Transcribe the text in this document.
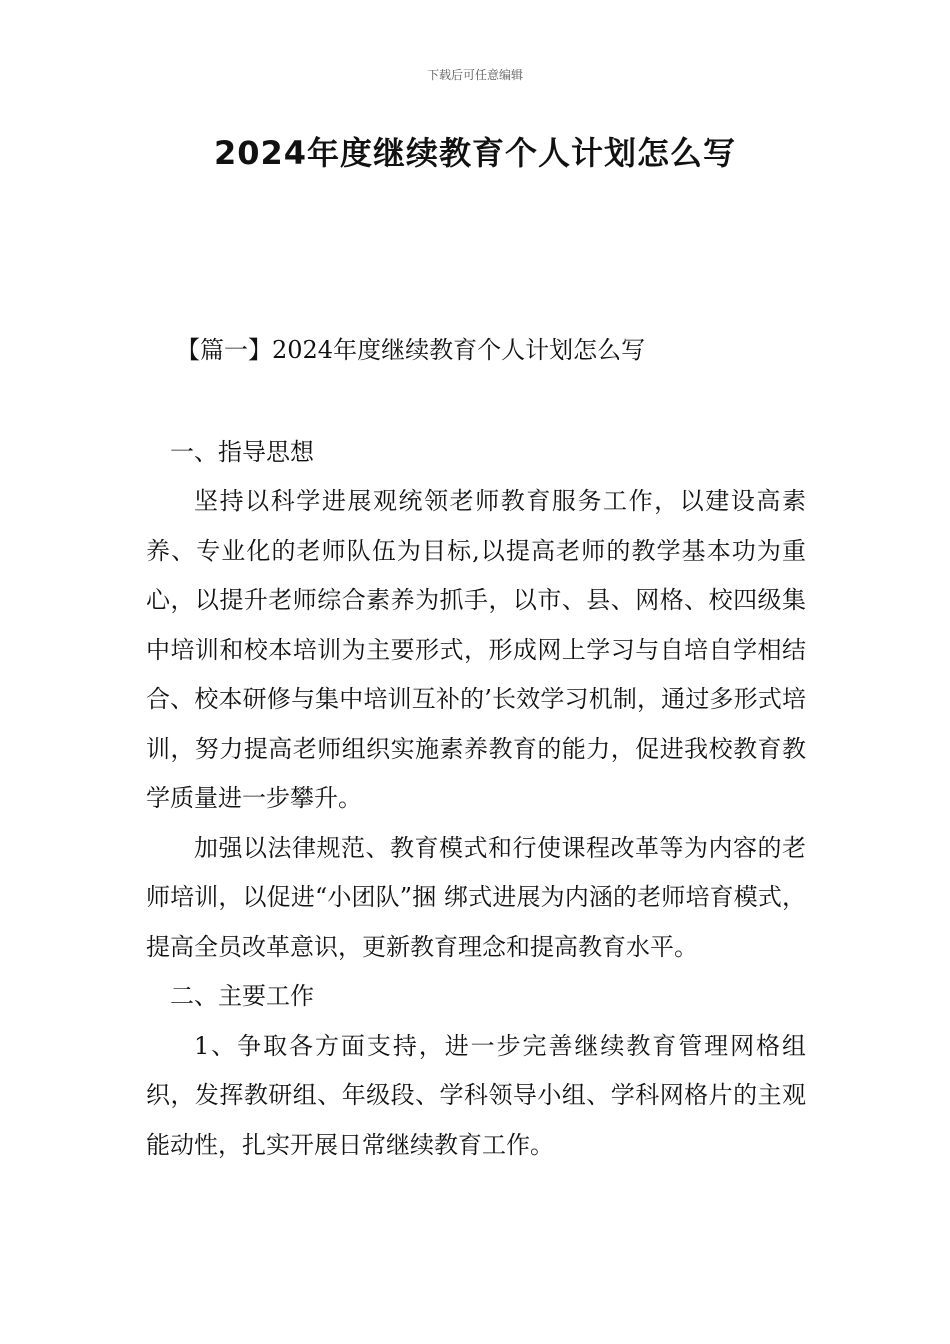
下载后可任意编辑
2024年度继续教育个人计划怎么写

【篇一】2024年度继续教育个人计划怎么写

一、指导思想

坚持以科学进展观统领老师教育服务工作，以建设高素养、专业化的老师队伍为目标,以提高老师的教学基本功为重心，以提升老师综合素养为抓手，以市、县、网格、校四级集中培训和校本培训为主要形式，形成网上学习与自培自学相结合、校本研修与集中培训互补的’长效学习机制，通过多形式培训，努力提高老师组织实施素养教育的能力，促进我校教育教学质量进一步攀升。

加强以法律规范、教育模式和行使课程改革等为内容的老师培训，以促进“小团队”捆 绑式进展为内涵的老师培育模式，提高全员改革意识，更新教育理念和提高教育水平。

二、主要工作

1、争取各方面支持，进一步完善继续教育管理网格组织，发挥教研组、年级段、学科领导小组、学科网格片的主观能动性，扎实开展日常继续教育工作。
